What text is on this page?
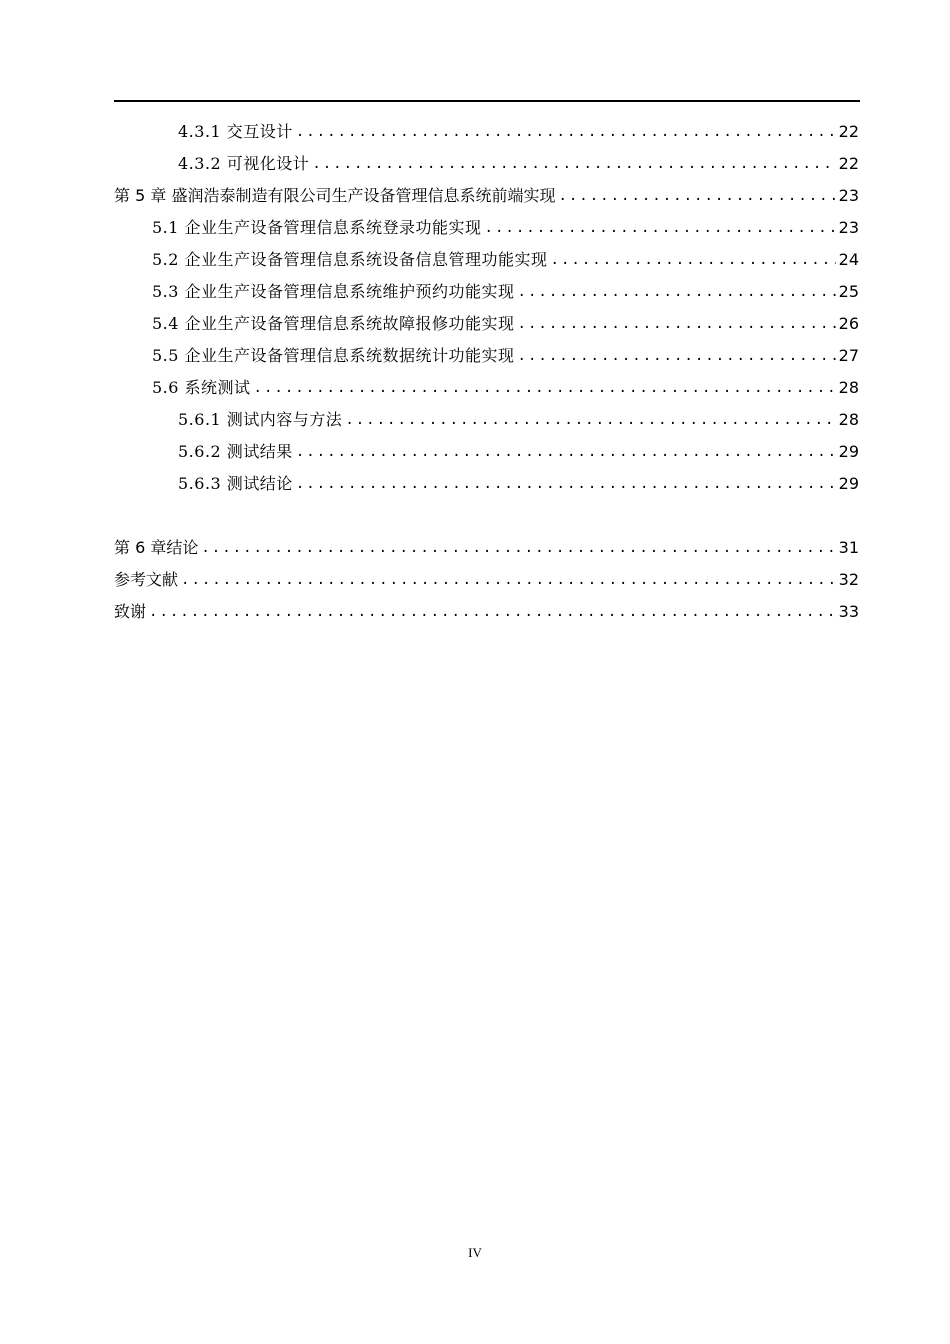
4.3.1 交互设计 .....	22
4.3.2 可视化设计 .....	22
第 5 章 盛润浩泰制造有限公司生产设备管理信息系统前端实现 .....	23
5.1 企业生产设备管理信息系统登录功能实现 .....	23
5.2 企业生产设备管理信息系统设备信息管理功能实现 .....	24
5.3 企业生产设备管理信息系统维护预约功能实现 .....	25
5.4 企业生产设备管理信息系统故障报修功能实现 .....	26
5.5 企业生产设备管理信息系统数据统计功能实现 .....	27
5.6 系统测试 .....	28
5.6.1 测试内容与方法 .....	28
5.6.2 测试结果 .....	29
5.6.3 测试结论 .....	29
第 6 章结论 .....	31
参考文献 .....	32
致谢 .....	33
IV
